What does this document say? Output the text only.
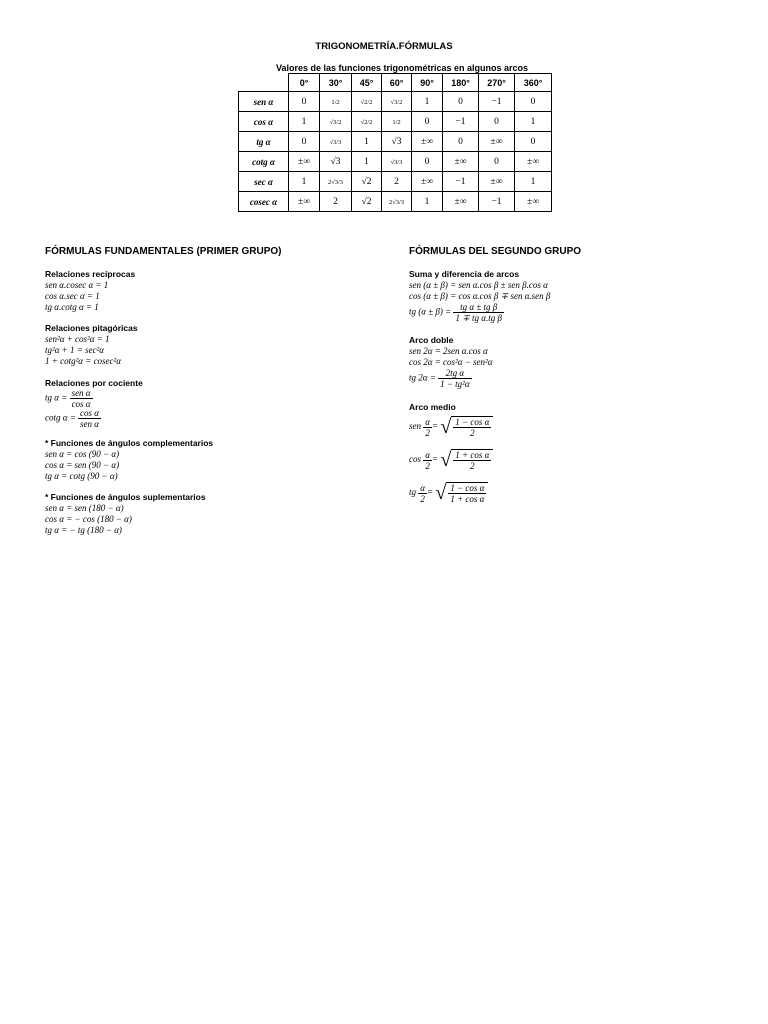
TRIGONOMETRÍA.FÓRMULAS
Valores de las funciones trigonométricas en algunos arcos
	0°	30°	45°	60°	90°	180°	270°	360°
sen α	0	1/2	√2/2	√3/2	1	0	−1	0
cos α	1	√3/2	√2/2	1/2	0	−1	0	1
tg α	0	√3/3	1	√3	±∞	0	±∞	0
cotg α	±∞	√3	1	√3/3	0	±∞	0	±∞
sec α	1	2√3/3	√2	2	±∞	−1	±∞	1
cosec α	±∞	2	√2	2√3/3	1	±∞	−1	±∞
FÓRMULAS FUNDAMENTALES (PRIMER GRUPO)
Relaciones recíprocas
sen α.cosec α = 1
cos α.sec α = 1
tg α.cotg α = 1
Relaciones pitagóricas
sen²α + cos²α = 1
tg²α + 1 = sec²α
1 + cotg²α = cosec²α
Relaciones por cociente
tg $\alpha = \frac{\text{sen α}}{\text{cos α}}$
cotg $\alpha = \frac{\text{cos α}}{\text{sen α}}$
* Funciones de ángulos complementarios
sen α = cos (90 − α)
cos α = sen (90 − α)
tg α = cotg (90 − α)
* Funciones de ángulos suplementarios
sen α = sen (180 − α)
cos α = − cos (180 − α)
tg α = − tg (180 − α)
FÓRMULAS DEL SEGUNDO GRUPO
Suma y diferencia de arcos
sen (α ± β) = sen α.cos β ± sen β.cos α
cos (α ± β) = cos α.cos β ∓ sen α.sen β
tg $(\alpha \pm \beta) = \frac{\text{tg α ± tg β}}{\text{1 ∓ tg α.tg β}}$
Arco doble
sen 2α = 2sen α.cos α
cos 2α = cos²α − sen²α
tg $2\alpha = \frac{\text{2tg α}}{\text{1 − tg²α}}$
Arco medio
sen $\frac{\alpha}{2}$ = √ $\frac{\text{1 − cos α}}{2}$
$\cos \frac{\alpha}{2}$ = √ $\frac{\text{1 + cos α}}{2}$
tg $\frac{\alpha}{2}$ = √ $\frac{\text{1 − cos α}}{\text{1 + cos α}}$
